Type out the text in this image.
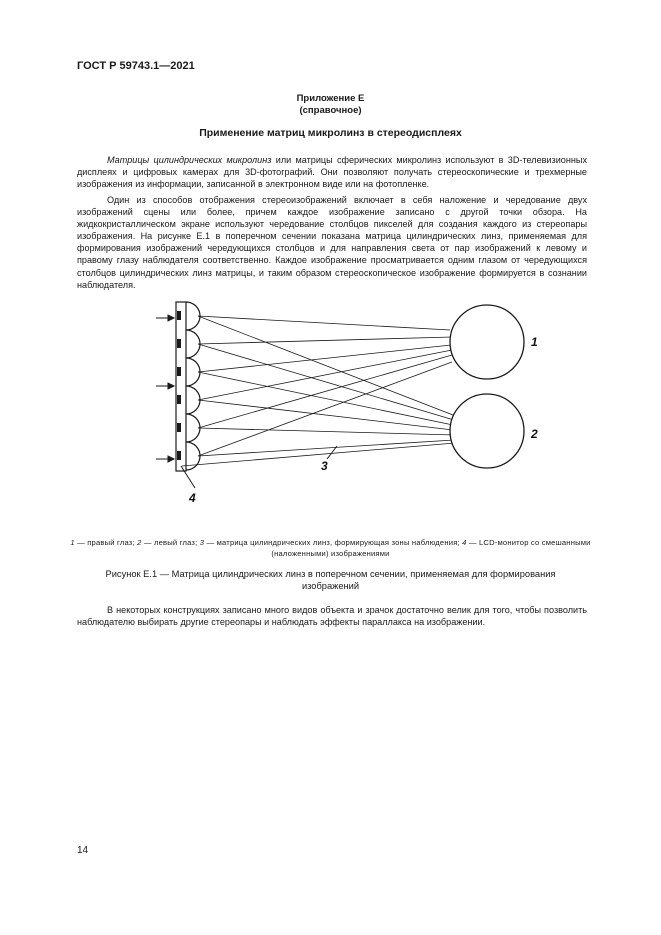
ГОСТ Р 59743.1—2021
Приложение Е
(справочное)
Применение матриц микролинз в стереодисплеях

Матрицы цилиндрических микролинз или матрицы сферических микролинз используют в 3D-телевизионных дисплеях и цифровых камерах для 3D-фотографий. Они позволяют получать стереоскопические и трехмерные изображения из информации, записанной в электронном виде или на фотопленке.

Один из способов отображения стереоизображений включает в себя наложение и чередование двух изображений сцены или более, причем каждое изображение записано с другой точки обзора. На жидкокристаллическом экране используют чередование столбцов пикселей для создания каждого из стереопары изображения. На рисунке Е.1 в поперечном сечении показана матрица цилиндрических линз, применяемая для формирования изображений чередующихся столбцов и для направления света от пар изображений к левому и правому глазу наблюдателя соответственно. Каждое изображение просматривается одним глазом от чередующихся столбцов цилиндрических линз матрицы, и таким образом стереоскопическое изображение формируется в сознании наблюдателя.

1
2
3
4
1 — правый глаз; 2 — левый глаз; 3 — матрица цилиндрических линз, формирующая зоны наблюдения; 4 — LCD-монитор со смешанными (наложенными) изображениями
Рисунок Е.1 — Матрица цилиндрических линз в поперечном сечении, применяемая для формирования изображений

В некоторых конструкциях записано много видов объекта и зрачок достаточно велик для того, чтобы позволить наблюдателю выбирать другие стереопары и наблюдать эффекты параллакса на изображении.

14
